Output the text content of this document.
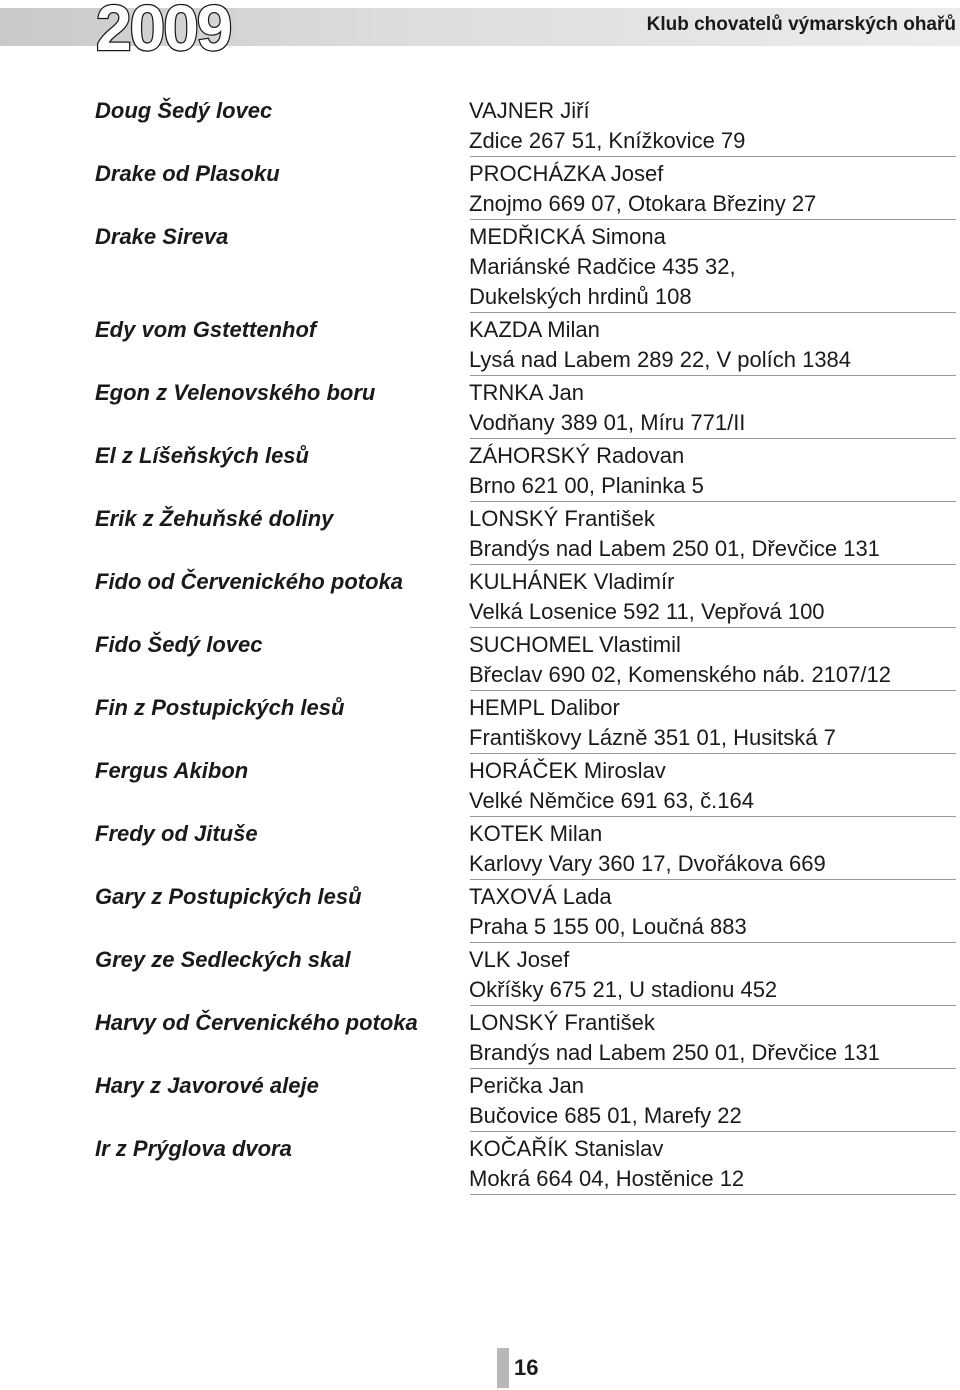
2009	Klub chovatelů výmarských ohařů
Doug Šedý lovec	VAJNER Jiří
Zdice 267 51, Knížkovice 79
Drake od Plasoku	PROCHÁZKA Josef
Znojmo 669 07, Otokara Březiny 27
Drake Sireva	MEDŘICKÁ Simona
Mariánské Radčice 435 32,
Dukelských hrdinů 108
Edy vom Gstettenhof	KAZDA Milan
Lysá nad Labem 289 22, V polích 1384
Egon z Velenovského boru	TRNKA Jan
Vodňany 389 01, Míru 771/II
El z Líšeňských lesů	ZÁHORSKÝ Radovan
Brno 621 00, Planinka 5
Erik z Žehuňské doliny	LONSKÝ František
Brandýs nad Labem 250 01, Dřevčice 131
Fido od Červenického potoka	KULHÁNEK Vladimír
Velká Losenice 592 11, Vepřová 100
Fido Šedý lovec	SUCHOMEL Vlastimil
Břeclav 690 02, Komenského náb. 2107/12
Fin z Postupických lesů	HEMPL Dalibor
Františkovy Lázně 351 01, Husitská 7
Fergus Akibon	HORÁČEK Miroslav
Velké Němčice 691 63, č.164
Fredy od Jituše	KOTEK Milan
Karlovy Vary 360 17, Dvořákova 669
Gary z Postupických lesů	TAXOVÁ Lada
Praha 5 155 00, Loučná 883
Grey ze Sedleckých skal	VLK Josef
Okříšky 675 21, U stadionu 452
Harvy od Červenického potoka LONSKÝ František
Brandýs nad Labem 250 01, Dřevčice 131
Hary z Javorové aleje	Perička Jan
Bučovice 685 01, Marefy 22
Ir z Prýglova dvora	KOČAŘÍK Stanislav
Mokrá 664 04, Hostěnice 12
16
